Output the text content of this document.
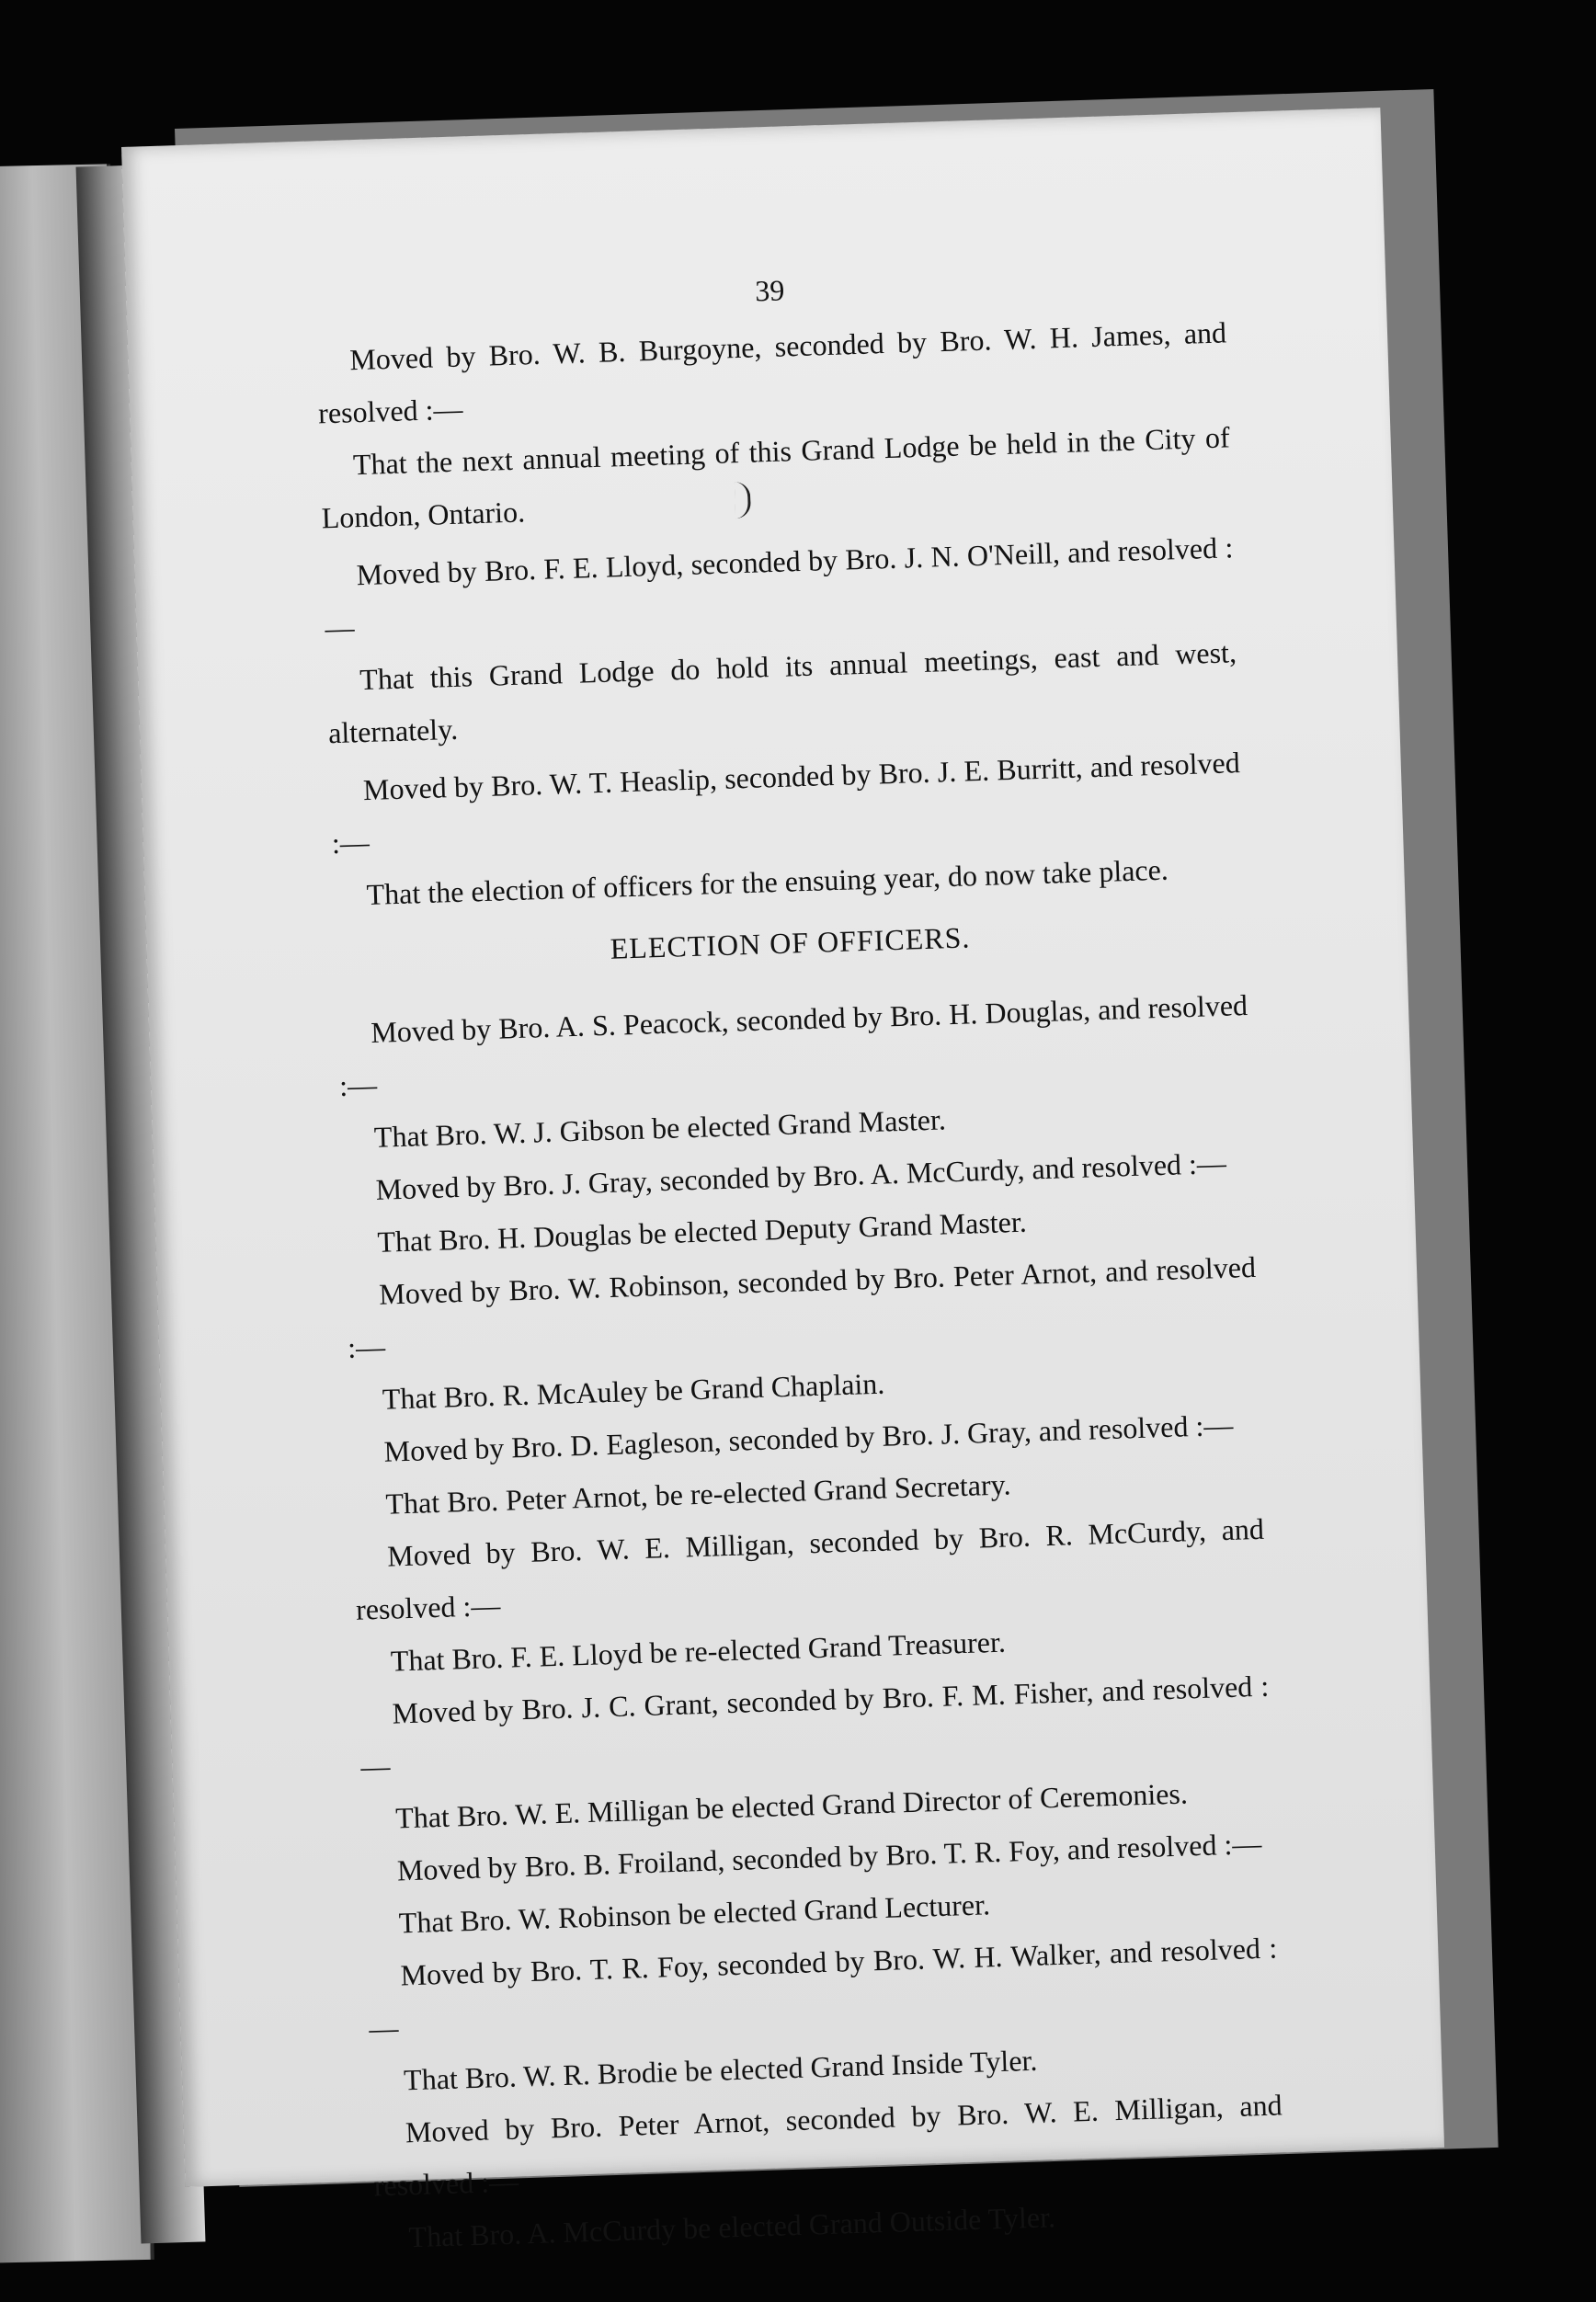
39

Moved by Bro. W. B. Burgoyne, seconded by Bro. W. H. James, and resolved :—

That the next annual meeting of this Grand Lodge be held in the City of London, Ontario.

Moved by Bro. F. E. Lloyd, seconded by Bro. J. N. O'Neill, and resolved :—

That this Grand Lodge do hold its annual meetings, east and west, alternately.

Moved by Bro. W. T. Heaslip, seconded by Bro. J. E. Burritt, and resolved :—

That the election of officers for the ensuing year, do now take place.

ELECTION OF OFFICERS.

Moved by Bro. A. S. Peacock, seconded by Bro. H. Douglas, and resolved :—

That Bro. W. J. Gibson be elected Grand Master.

Moved by Bro. J. Gray, seconded by Bro. A. McCurdy, and resolved :—

That Bro. H. Douglas be elected Deputy Grand Master.

Moved by Bro. W. Robinson, seconded by Bro. Peter Arnot, and resolved :—

That Bro. R. McAuley be Grand Chaplain.

Moved by Bro. D. Eagleson, seconded by Bro. J. Gray, and resolved :—

That Bro. Peter Arnot, be re-elected Grand Secretary.

Moved by Bro. W. E. Milligan, seconded by Bro. R. McCurdy, and resolved :—

That Bro. F. E. Lloyd be re-elected Grand Treasurer.

Moved by Bro. J. C. Grant, seconded by Bro. F. M. Fisher, and resolved :—

That Bro. W. E. Milligan be elected Grand Director of Ceremonies.

Moved by Bro. B. Froiland, seconded by Bro. T. R. Foy, and resolved :—

That Bro. W. Robinson be elected Grand Lecturer.

Moved by Bro. T. R. Foy, seconded by Bro. W. H. Walker, and resolved :—

That Bro. W. R. Brodie be elected Grand Inside Tyler.

Moved by Bro. Peter Arnot, seconded by Bro. W. E. Milligan, and resolved :—

That Bro. A. McCurdy be elected Grand Outside Tyler.
